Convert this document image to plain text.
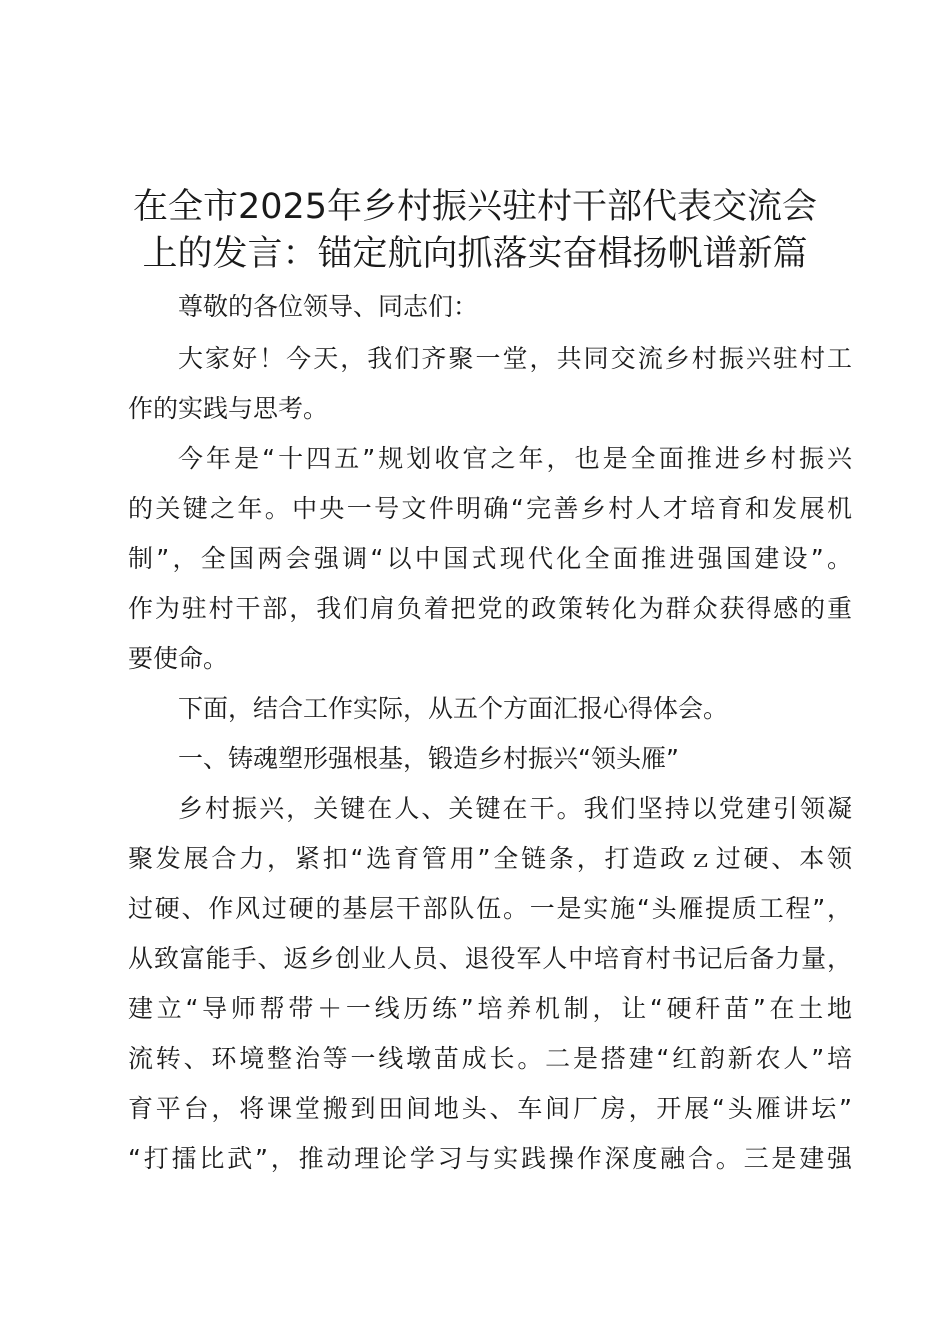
在全市2025年乡村振兴驻村干部代表交流会
上的发言：锚定航向抓落实奋楫扬帆谱新篇
尊敬的各位领导、同志们：
大家好！今天，我们齐聚一堂，共同交流乡村振兴驻村工
作的实践与思考。
今年是“十四五”规划收官之年，也是全面推进乡村振兴
的关键之年。中央一号文件明确“完善乡村人才培育和发展机
制”，全国两会强调“以中国式现代化全面推进强国建设”。
作为驻村干部，我们肩负着把党的政策转化为群众获得感的重
要使命。
下面，结合工作实际，从五个方面汇报心得体会。
一、铸魂塑形强根基，锻造乡村振兴“领头雁”
乡村振兴，关键在人、关键在干。我们坚持以党建引领凝
聚发展合力，紧扣“选育管用”全链条，打造政ｚ过硬、本领
过硬、作风过硬的基层干部队伍。一是实施“头雁提质工程”，
从致富能手、返乡创业人员、退役军人中培育村书记后备力量，
建立“导师帮带＋一线历练”培养机制，让“硬秆苗”在土地
流转、环境整治等一线墩苗成长。二是搭建“红韵新农人”培
育平台，将课堂搬到田间地头、车间厂房，开展“头雁讲坛”
“打擂比武”，推动理论学习与实践操作深度融合。三是建强
